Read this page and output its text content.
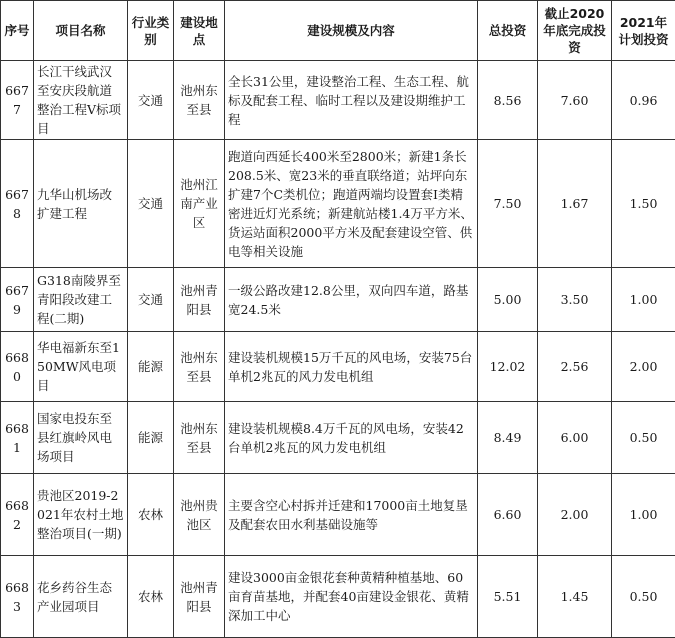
序号	项目名称	行业类别	建设地点	建设规模及内容	总投资	截止2020年底完成投资	2021年计划投资
6677	长江干线武汉至安庆段航道整治工程V标项目	交通	池州东至县	全长31公里，建设整治工程、生态工程、航标及配套工程、临时工程以及建设期维护工程	8.56	7.60	0.96
6678	九华山机场改扩建工程	交通	池州江南产业区	跑道向西延长400米至2800米；新建1条长208.5米、宽23米的垂直联络道；站坪向东扩建7个C类机位；跑道两端均设置套I类精密进近灯光系统；新建航站楼1.4万平方米、货运站面积2000平方米及配套建设空管、供电等相关设施	7.50	1.67	1.50
6679	G318南陵界至青阳段改建工程(二期)	交通	池州青阳县	一级公路改建12.8公里，双向四车道，路基宽24.5米	5.00	3.50	1.00
6680	华电福新东至150MW风电项目	能源	池州东至县	建设装机规模15万千瓦的风电场，安装75台单机2兆瓦的风力发电机组	12.02	2.56	2.00
6681	国家电投东至县红旗岭风电场项目	能源	池州东至县	建设装机规模8.4万千瓦的风电场，安装42台单机2兆瓦的风力发电机组	8.49	6.00	0.50
6682	贵池区2019-2021年农村土地整治项目(一期)	农林	池州贵池区	主要含空心村拆并迁建和17000亩土地复垦及配套农田水利基础设施等	6.60	2.00	1.00
6683	花乡药谷生态产业园项目	农林	池州青阳县	建设3000亩金银花套种黄精种植基地、60亩育苗基地，并配套40亩建设金银花、黄精深加工中心	5.51	1.45	0.50
